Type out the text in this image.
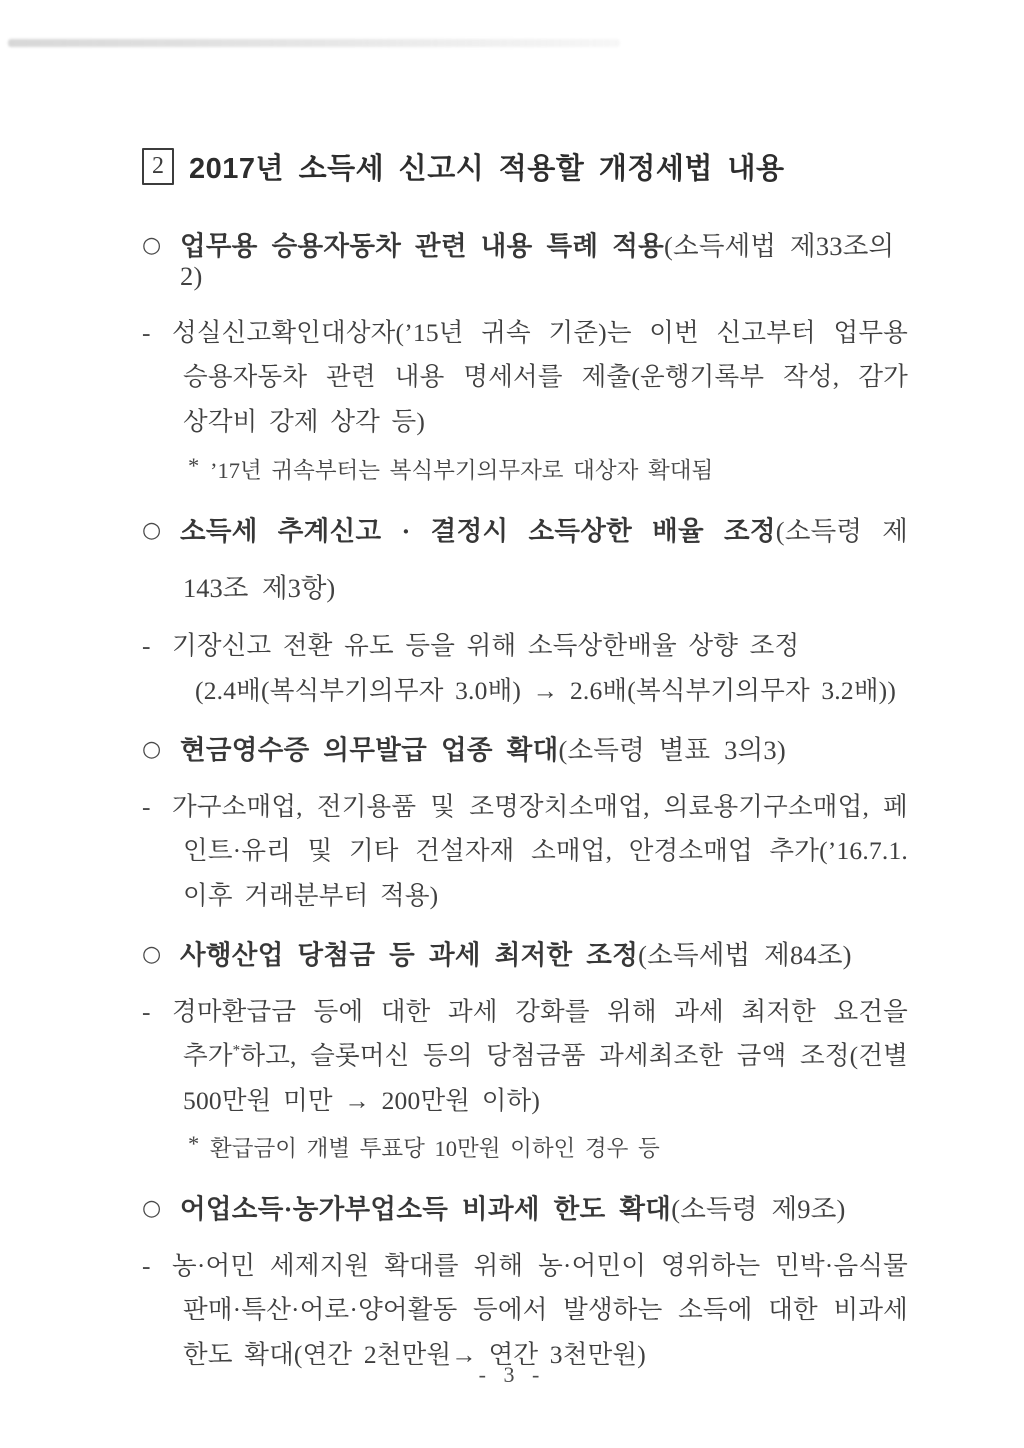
2 2017년 소득세 신고시 적용할 개정세법 내용
○ 업무용 승용자동차 관련 내용 특례 적용(소득세법 제33조의2)
- 성실신고확인대상자(’15년 귀속 기준)는 이번 신고부터 업무용
승용자동차 관련 내용 명세서를 제출(운행기록부 작성, 감가
상각비 강제 상각 등)
* ’17년 귀속부터는 복식부기의무자로 대상자 확대됨
○ 소득세 추계신고 · 결정시 소득상한 배율 조정(소득령 제
143조 제3항)
- 기장신고 전환 유도 등을 위해 소득상한배율 상향 조정
(2.4배(복식부기의무자 3.0배) → 2.6배(복식부기의무자 3.2배))
○ 현금영수증 의무발급 업종 확대(소득령 별표 3의3)
- 가구소매업, 전기용품 및 조명장치소매업, 의료용기구소매업, 페
인트·유리 및 기타 건설자재 소매업, 안경소매업 추가(’16.7.1.
이후 거래분부터 적용)
○ 사행산업 당첨금 등 과세 최저한 조정(소득세법 제84조)
- 경마환급금 등에 대한 과세 강화를 위해 과세 최저한 요건을
추가*하고, 슬롯머신 등의 당첨금품 과세최조한 금액 조정(건별
500만원 미만 → 200만원 이하)
* 환급금이 개별 투표당 10만원 이하인 경우 등
○ 어업소득·농가부업소득 비과세 한도 확대(소득령 제9조)
- 농·어민 세제지원 확대를 위해 농·어민이 영위하는 민박·음식물
판매·특산·어로·양어활동 등에서 발생하는 소득에 대한 비과세
한도 확대(연간 2천만원→ 연간 3천만원)
- 3 -
